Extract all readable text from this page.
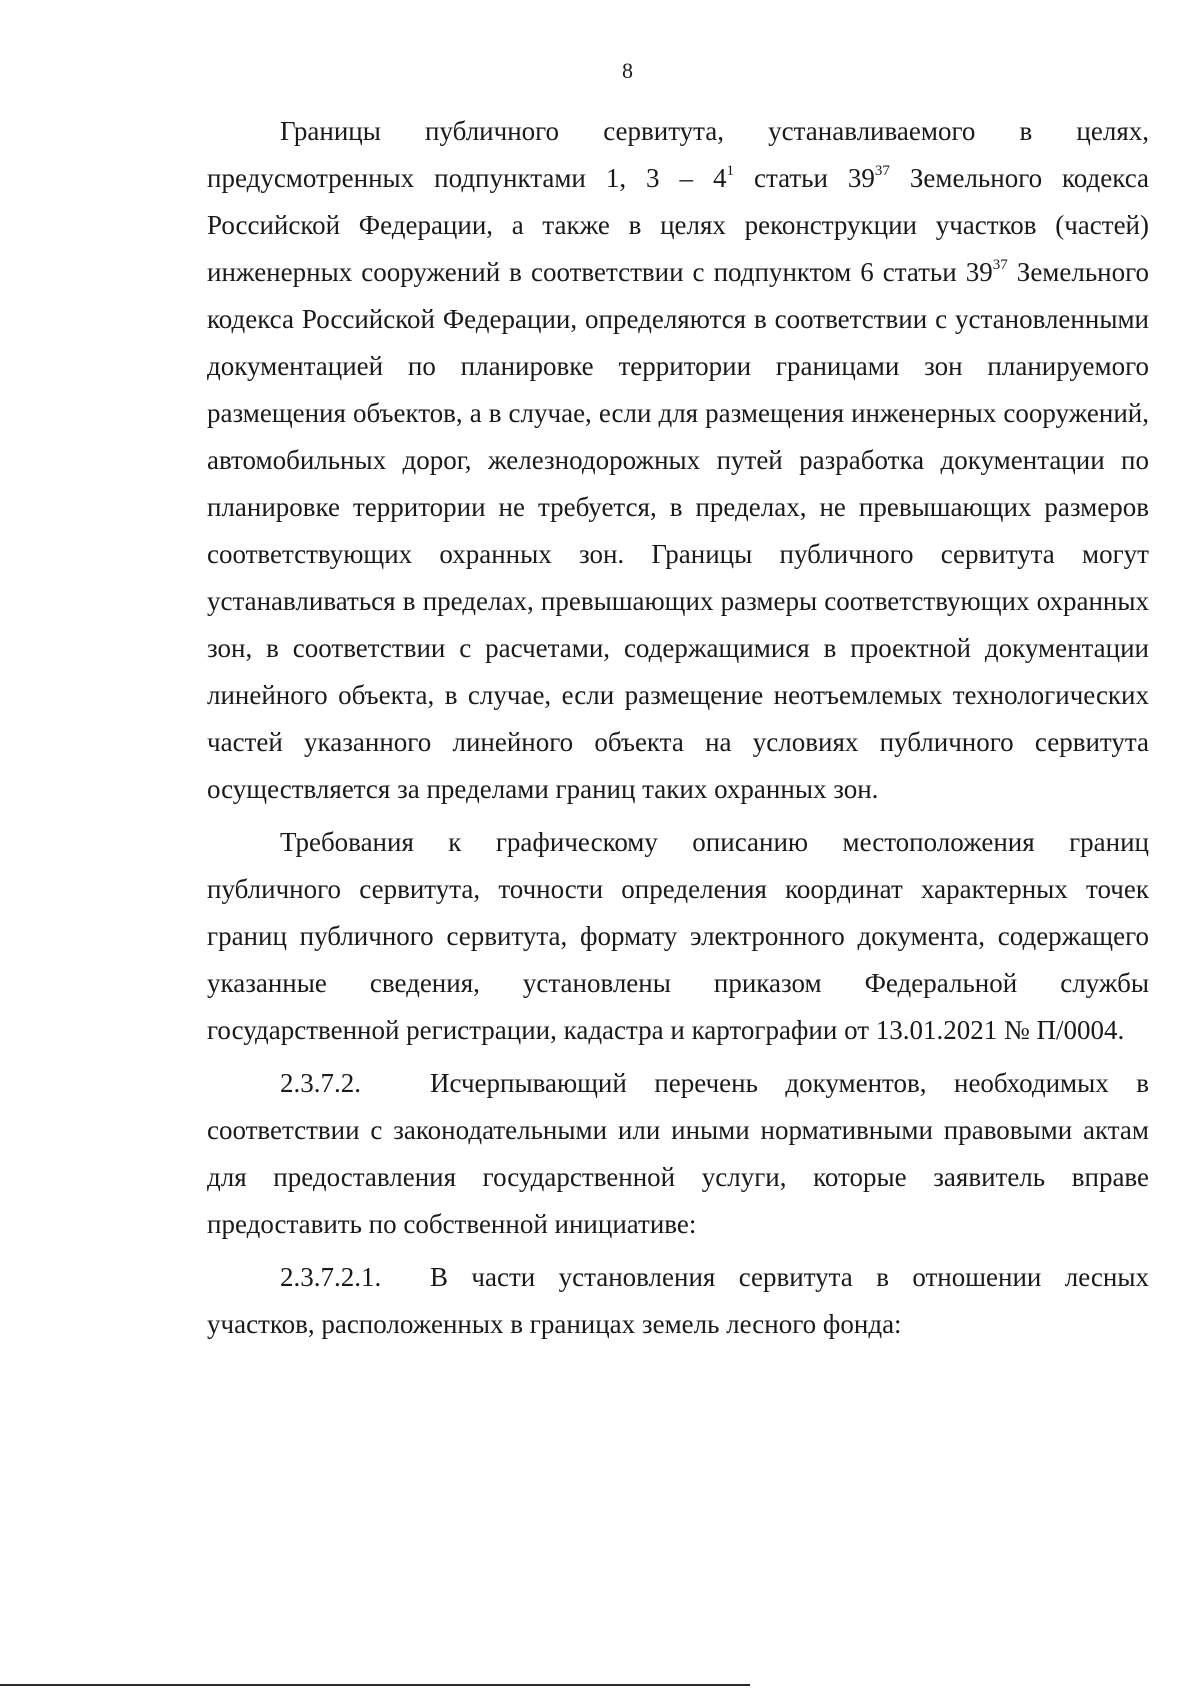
8

Границы публичного сервитута, устанавливаемого в целях, предусмотренных подпунктами 1, $3 - 4^1$ статьи $39^{37}$ Земельного кодекса Российской Федерации, а также в целях реконструкции участков (частей) инженерных сооружений в соответствии с подпунктом 6 статьи $39^{37}$ Земельного кодекса Российской Федерации, определяются в соответствии с установленными документацией по планировке территории границами зон планируемого размещения объектов, а в случае, если для размещения инженерных сооружений, автомобильных дорог, железнодорожных путей разработка документации по планировке территории не требуется, в пределах, не превышающих размеров соответствующих охранных зон. Границы публичного сервитута могут устанавливаться в пределах, превышающих размеры соответствующих охранных зон, в соответствии с расчетами, содержащимися в проектной документации линейного объекта, в случае, если размещение неотъемлемых технологических частей указанного линейного объекта на условиях публичного сервитута осуществляется за пределами границ таких охранных зон.

Требования к графическому описанию местоположения границ публичного сервитута, точности определения координат характерных точек границ публичного сервитута, формату электронного документа, содержащего указанные сведения, установлены приказом Федеральной службы государственной регистрации, кадастра и картографии от 13.01.2021 № П/0004.

2.3.7.2.	Исчерпывающий перечень документов, необходимых в соответствии с законодательными или иными нормативными правовыми актам для предоставления государственной услуги, которые заявитель вправе предоставить по собственной инициативе:

2.3.7.2.1. В части установления сервитута в отношении лесных участков, расположенных в границах земель лесного фонда:
